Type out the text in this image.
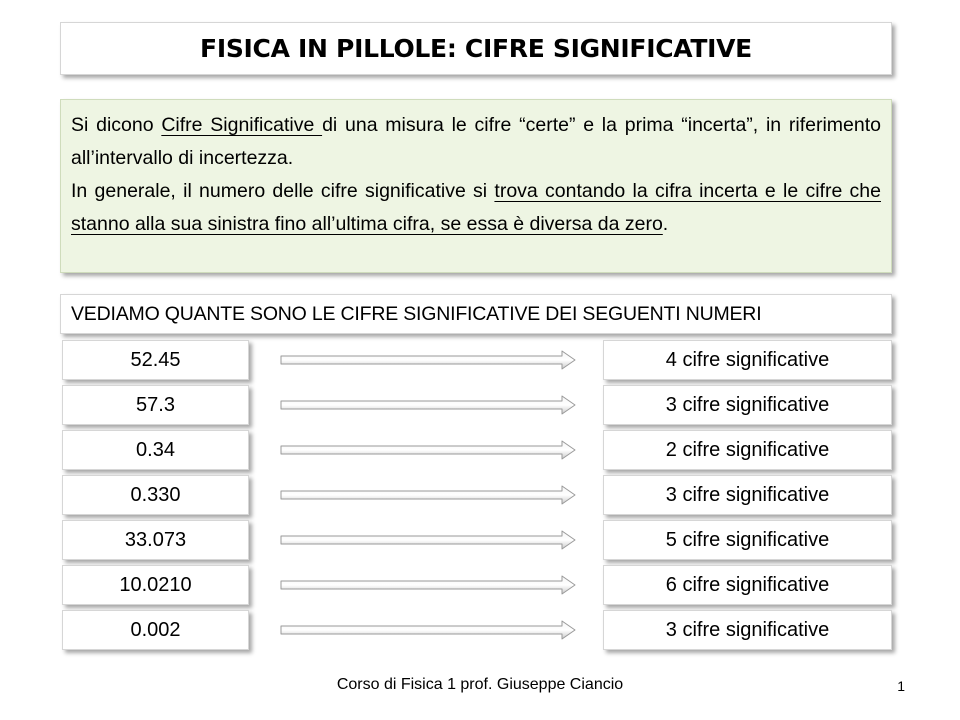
FISICA IN PILLOLE: CIFRE SIGNIFICATIVE

Si dicono Cifre Significative di una misura le cifre “certe” e la prima “incerta”, in riferimento all’intervallo di incertezza.

In generale, il numero delle cifre significative si trova contando la cifra incerta e le cifre che stanno alla sua sinistra fino all’ultima cifra, se essa è diversa da zero.

VEDIAMO QUANTE SONO LE CIFRE SIGNIFICATIVE DEI SEGUENTI NUMERI
52.45	4 cifre significative
57.3	3 cifre significative
0.34	2 cifre significative
0.330	3 cifre significative
33.073	5 cifre significative
10.0210	6 cifre significative
0.002	3 cifre significative
Corso di Fisica 1 prof. Giuseppe Ciancio	1
